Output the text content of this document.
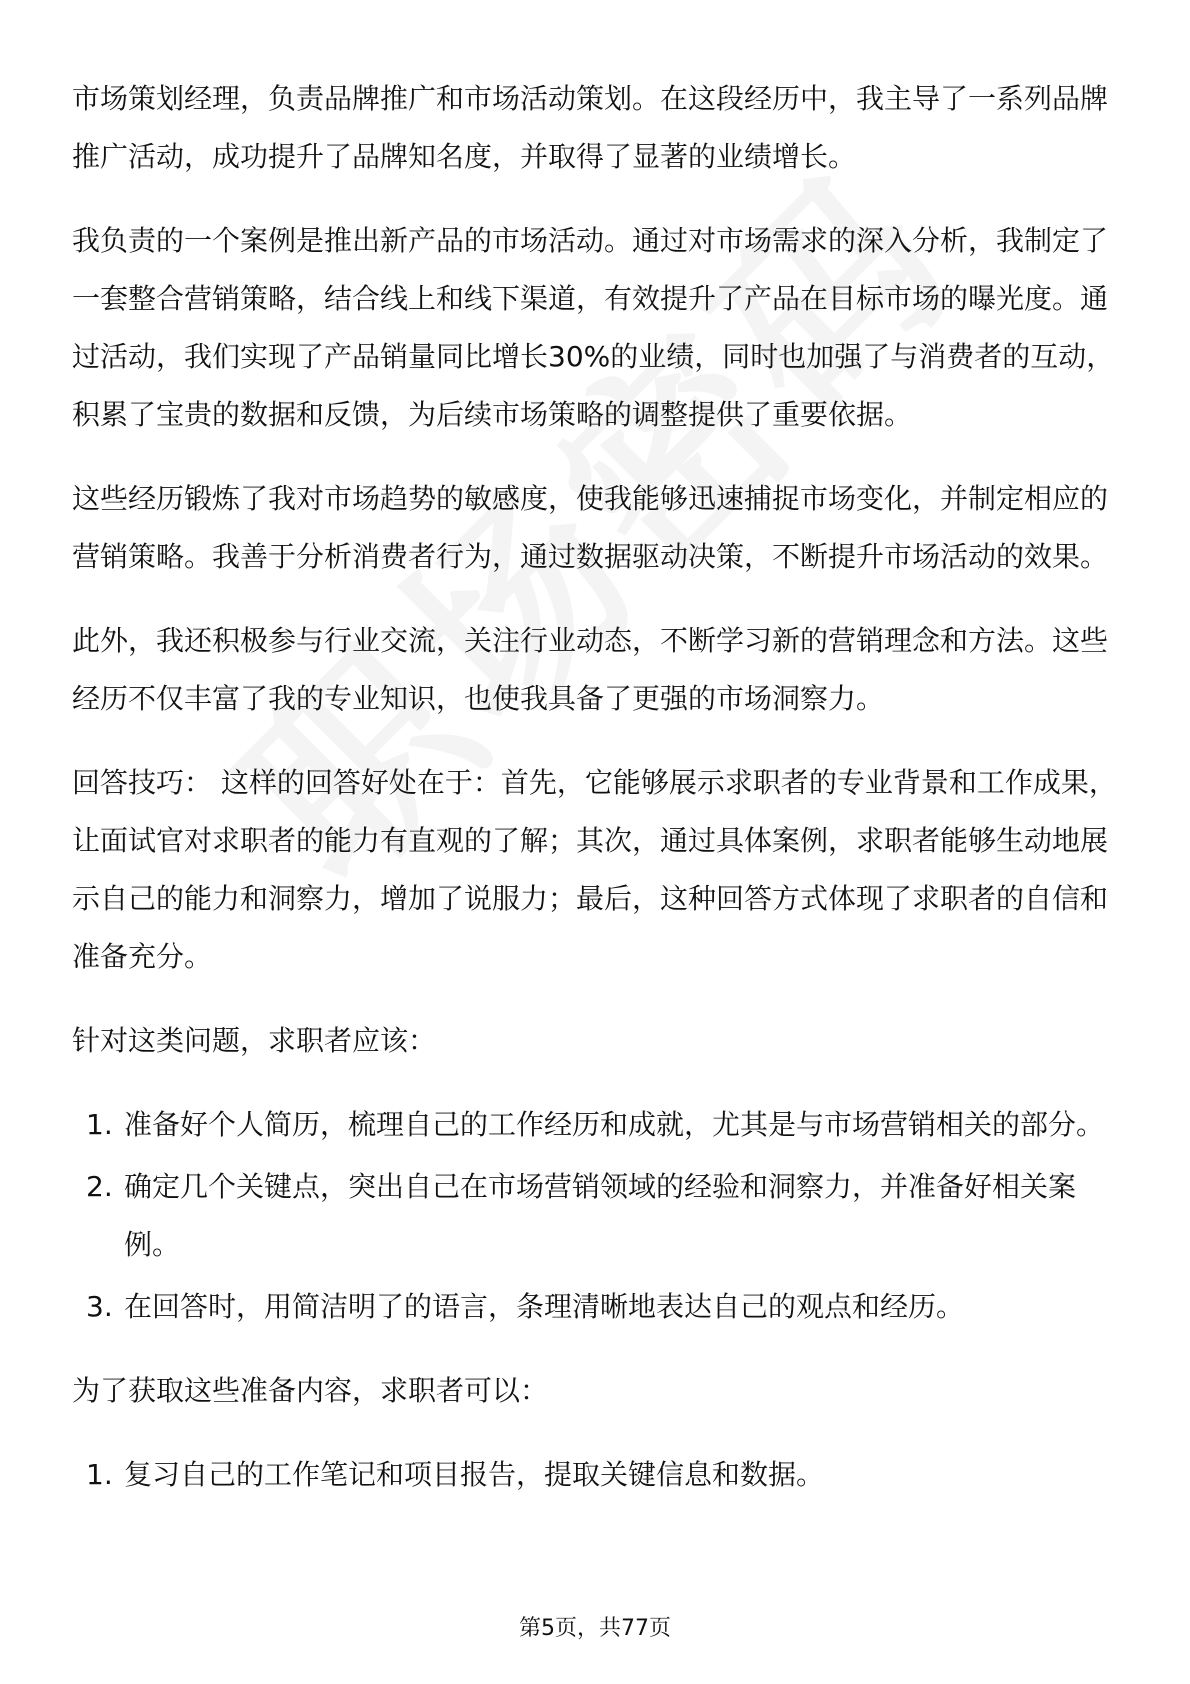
市场策划经理，负责品牌推广和市场活动策划。在这段经历中，我主导了一系列品牌推广活动，成功提升了品牌知名度，并取得了显著的业绩增长。

我负责的一个案例是推出新产品的市场活动。通过对市场需求的深入分析，我制定了一套整合营销策略，结合线上和线下渠道，有效提升了产品在目标市场的曝光度。通过活动，我们实现了产品销量同比增长30%的业绩，同时也加强了与消费者的互动，积累了宝贵的数据和反馈，为后续市场策略的调整提供了重要依据。

这些经历锻炼了我对市场趋势的敏感度，使我能够迅速捕捉市场变化，并制定相应的营销策略。我善于分析消费者行为，通过数据驱动决策，不断提升市场活动的效果。

此外，我还积极参与行业交流，关注行业动态，不断学习新的营销理念和方法。这些经历不仅丰富了我的专业知识，也使我具备了更强的市场洞察力。

回答技巧： 这样的回答好处在于：首先，它能够展示求职者的专业背景和工作成果，让面试官对求职者的能力有直观的了解；其次，通过具体案例，求职者能够生动地展示自己的能力和洞察力，增加了说服力；最后，这种回答方式体现了求职者的自信和准备充分。

针对这类问题，求职者应该：

1. 准备好个人简历，梳理自己的工作经历和成就，尤其是与市场营销相关的部分。
2. 确定几个关键点，突出自己在市场营销领域的经验和洞察力，并准备好相关案例。
3. 在回答时，用简洁明了的语言，条理清晰地表达自己的观点和经历。

为了获取这些准备内容，求职者可以：

1. 复习自己的工作笔记和项目报告，提取关键信息和数据。
第5页，共77页
